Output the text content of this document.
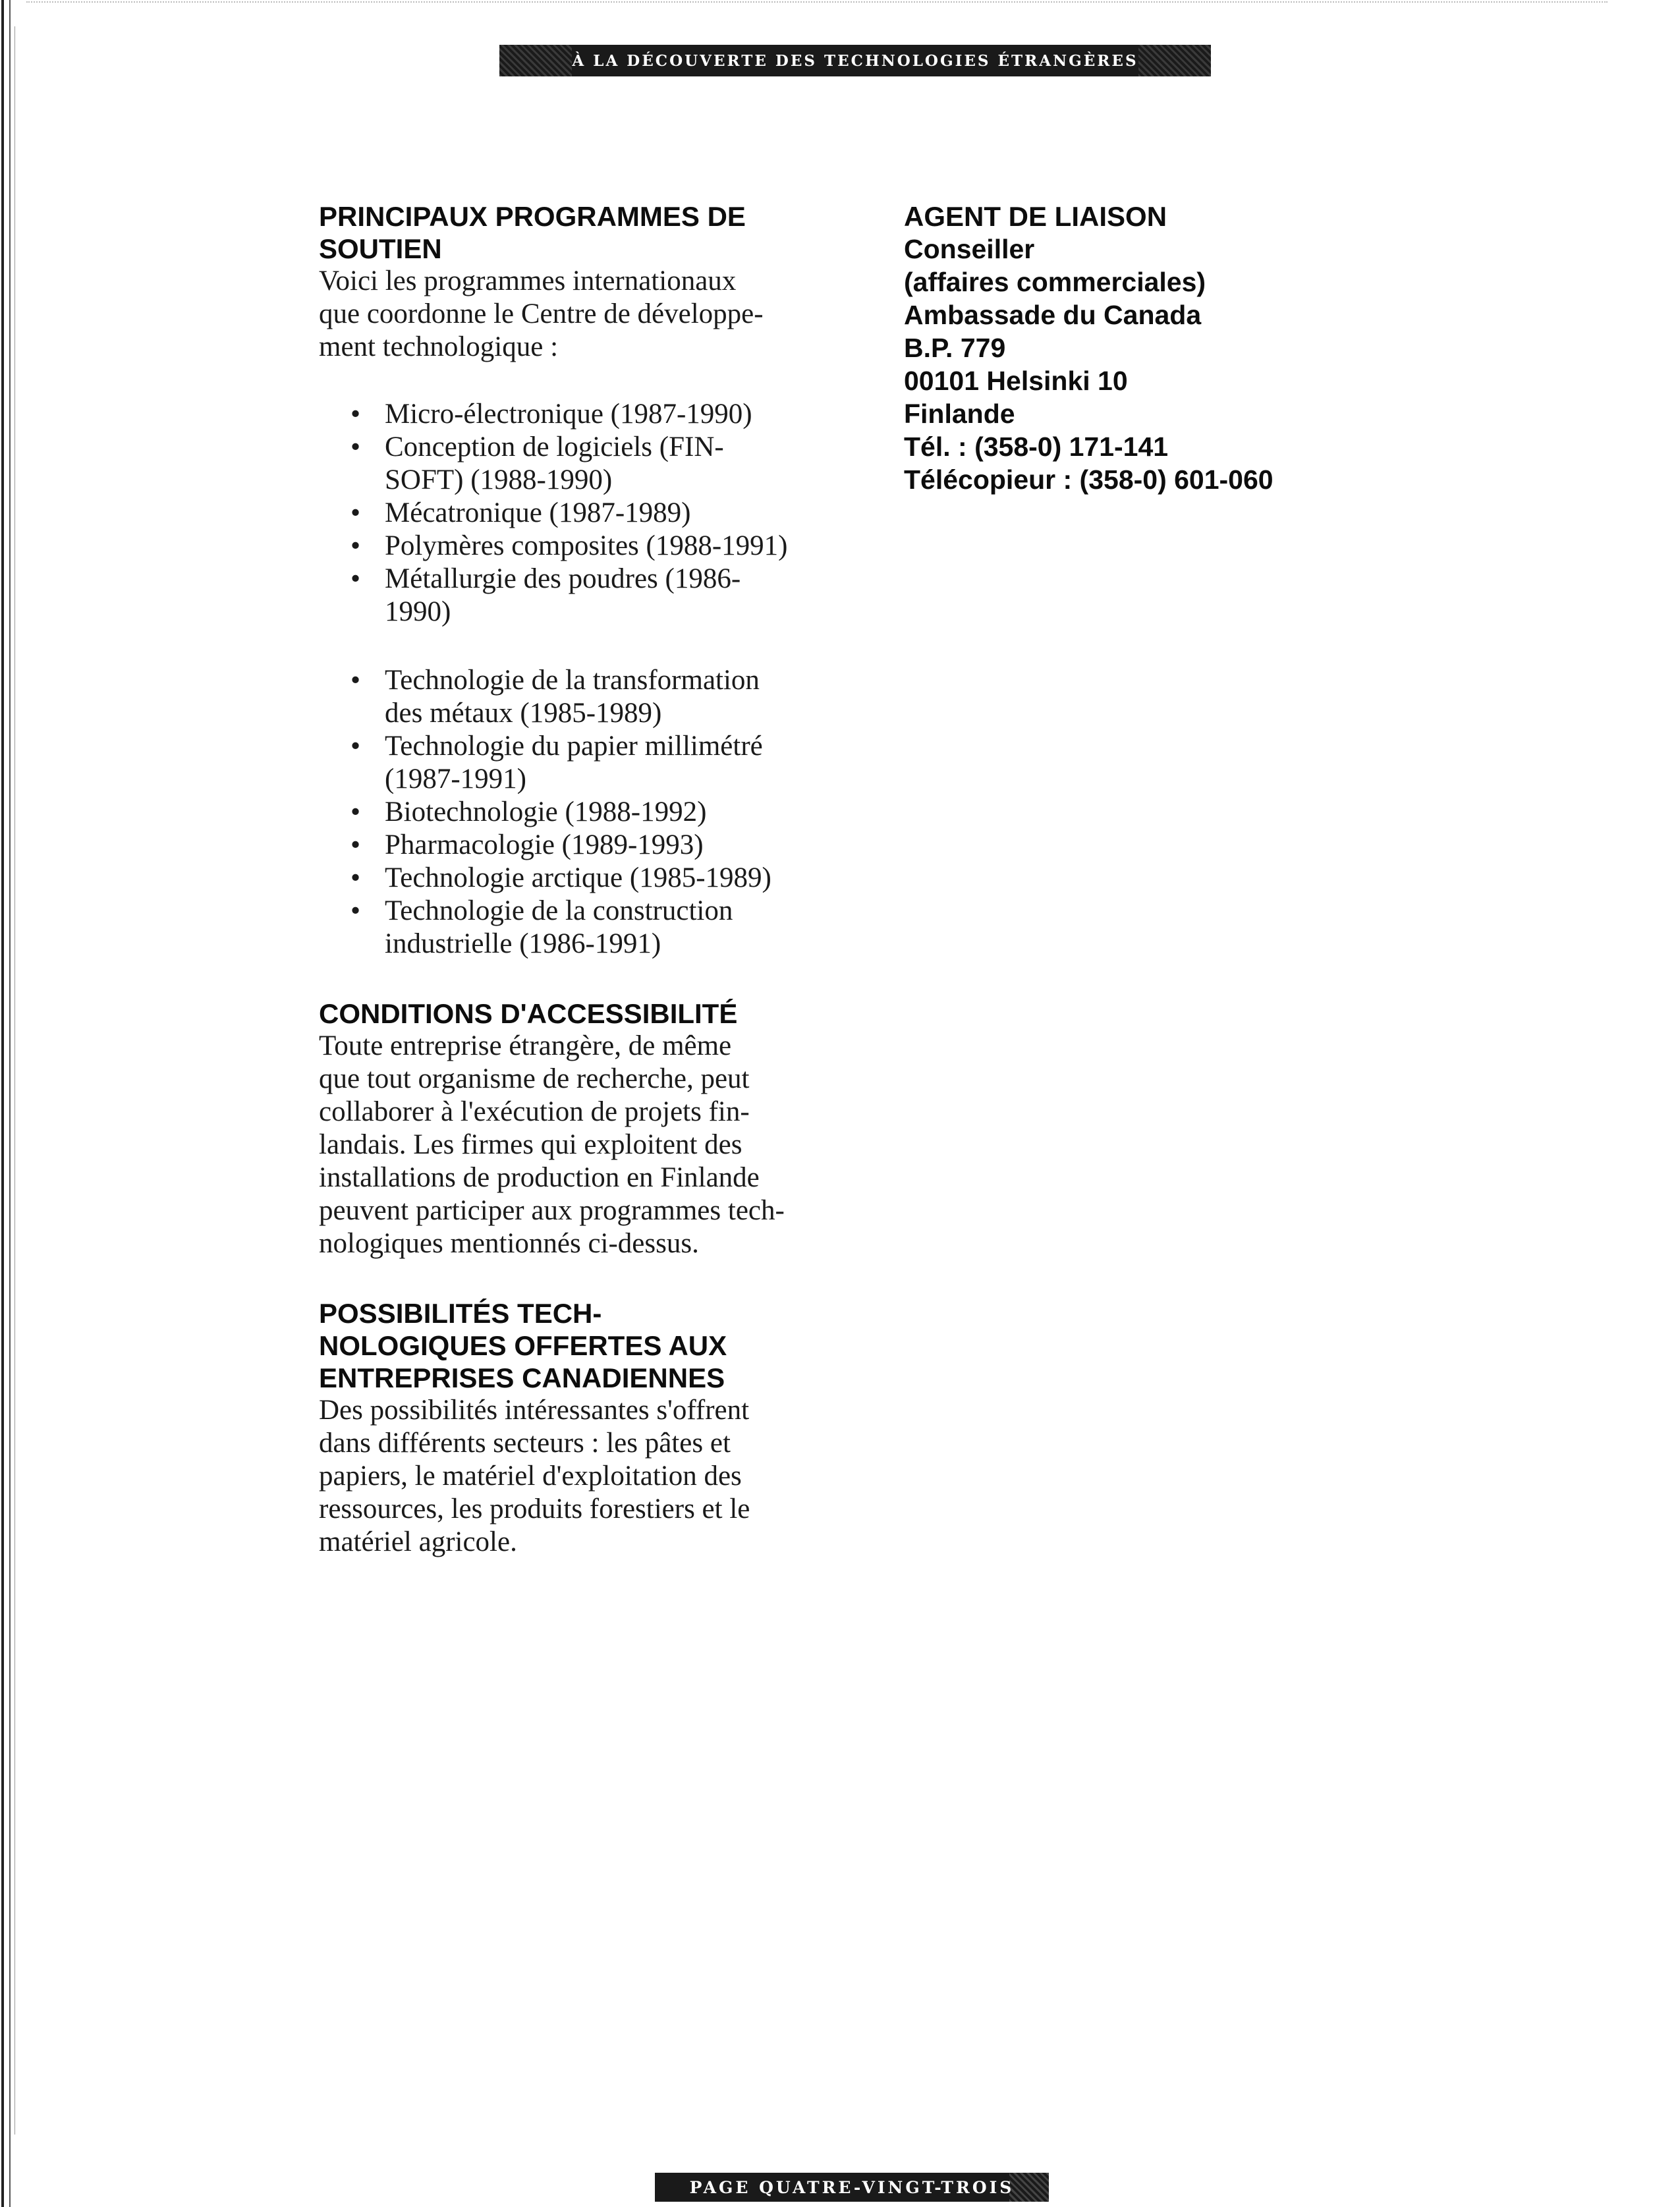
À LA DÉCOUVERTE DES TECHNOLOGIES ÉTRANGÈRES
PRINCIPAUX PROGRAMMES DE
SOUTIEN

Voici les programmes internationaux
que coordonne le Centre de développe-
ment technologique :

• Micro-électronique (1987-1990)
• Conception de logiciels (FIN-
SOFT) (1988-1990)
• Mécatronique (1987-1989)
• Polymères composites (1988-1991)
• Métallurgie des poudres (1986-
1990)
• Technologie de la transformation
des métaux (1985-1989)
• Technologie du papier millimétré
(1987-1991)
• Biotechnologie (1988-1992)
• Pharmacologie (1989-1993)
• Technologie arctique (1985-1989)
• Technologie de la construction
industrielle (1986-1991)
CONDITIONS D'ACCESSIBILITÉ

Toute entreprise étrangère, de même
que tout organisme de recherche, peut
collaborer à l'exécution de projets fin-
landais. Les firmes qui exploitent des
installations de production en Finlande
peuvent participer aux programmes tech-
nologiques mentionnés ci-dessus.

POSSIBILITÉS TECH-
NOLOGIQUES OFFERTES AUX
ENTREPRISES CANADIENNES

Des possibilités intéressantes s'offrent
dans différents secteurs : les pâtes et
papiers, le matériel d'exploitation des
ressources, les produits forestiers et le
matériel agricole.

AGENT DE LIAISON

Conseiller
(affaires commerciales)
Ambassade du Canada
B.P. 779
00101 Helsinki 10
Finlande
Tél. : (358-0) 171-141
Télécopieur : (358-0) 601-060

PAGE QUATRE-VINGT-TROIS
